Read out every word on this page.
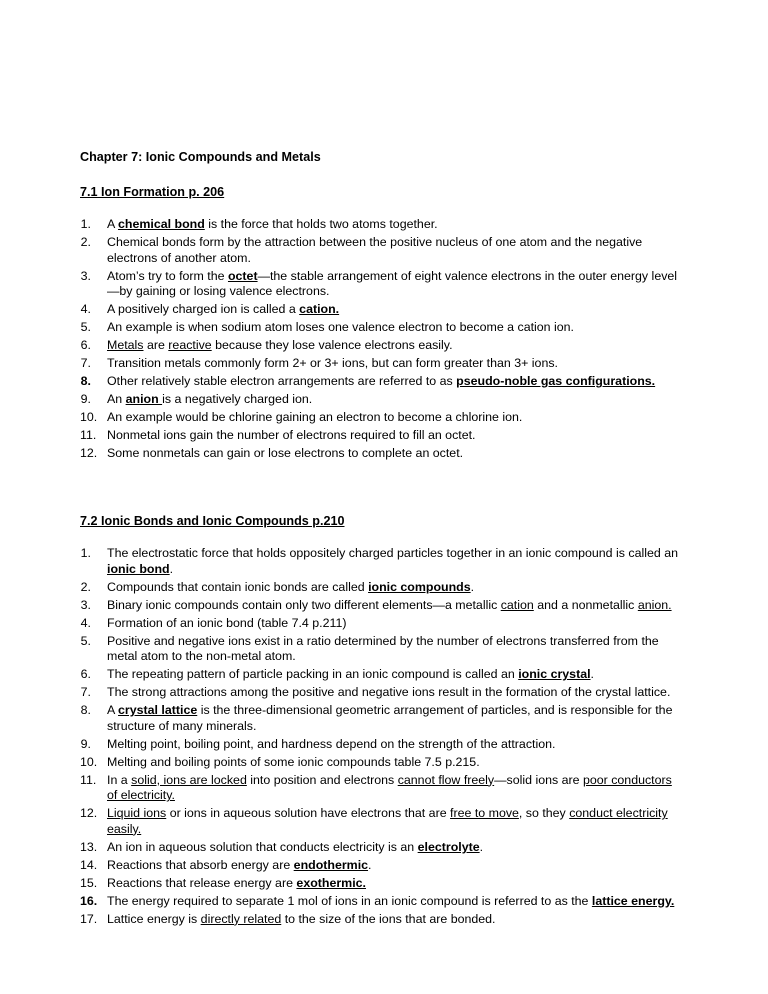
Chapter 7: Ionic Compounds and Metals
7.1 Ion Formation p. 206
1. A chemical bond is the force that holds two atoms together.
2. Chemical bonds form by the attraction between the positive nucleus of one atom and the negative electrons of another atom.
3. Atom’s try to form the octet—the stable arrangement of eight valence electrons in the outer energy level—by gaining or losing valence electrons.
4. A positively charged ion is called a cation.
5. An example is when sodium atom loses one valence electron to become a cation ion.
6. Metals are reactive because they lose valence electrons easily.
7. Transition metals commonly form 2+ or 3+ ions, but can form greater than 3+ ions.
8. Other relatively stable electron arrangements are referred to as pseudo-noble gas configurations.
9. An anion is a negatively charged ion.
10. An example would be chlorine gaining an electron to become a chlorine ion.
11. Nonmetal ions gain the number of electrons required to fill an octet.
12. Some nonmetals can gain or lose electrons to complete an octet.
7.2 Ionic Bonds and Ionic Compounds p.210
1. The electrostatic force that holds oppositely charged particles together in an ionic compound is called an ionic bond.
2. Compounds that contain ionic bonds are called ionic compounds.
3. Binary ionic compounds contain only two different elements—a metallic cation and a nonmetallic anion.
4. Formation of an ionic bond (table 7.4 p.211)
5. Positive and negative ions exist in a ratio determined by the number of electrons transferred from the metal atom to the non-metal atom.
6. The repeating pattern of particle packing in an ionic compound is called an ionic crystal.
7. The strong attractions among the positive and negative ions result in the formation of the crystal lattice.
8. A crystal lattice is the three-dimensional geometric arrangement of particles, and is responsible for the structure of many minerals.
9. Melting point, boiling point, and hardness depend on the strength of the attraction.
10. Melting and boiling points of some ionic compounds table 7.5 p.215.
11. In a solid, ions are locked into position and electrons cannot flow freely—solid ions are poor conductors of electricity.
12. Liquid ions or ions in aqueous solution have electrons that are free to move, so they conduct electricity easily.
13. An ion in aqueous solution that conducts electricity is an electrolyte.
14. Reactions that absorb energy are endothermic.
15. Reactions that release energy are exothermic.
16. The energy required to separate 1 mol of ions in an ionic compound is referred to as the lattice energy.
17. Lattice energy is directly related to the size of the ions that are bonded.
